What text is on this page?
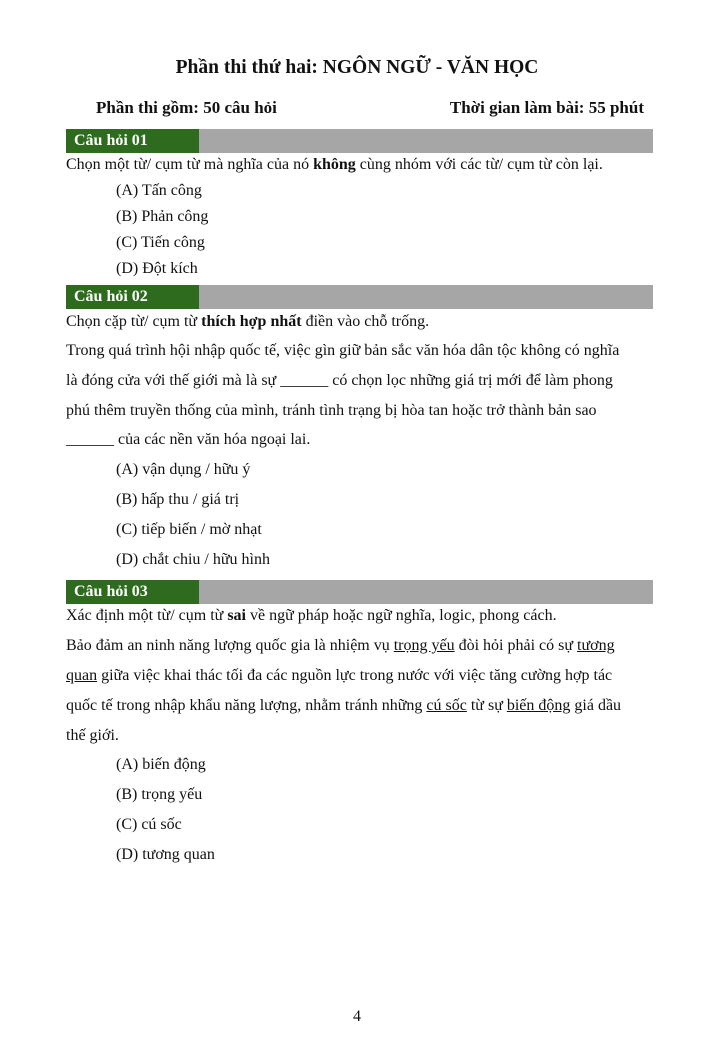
Phần thi thứ hai: NGÔN NGỮ - VĂN HỌC
Phần thi gồm: 50 câu hỏi	Thời gian làm bài: 55 phút
Câu hỏi 01
Chọn một từ/ cụm từ mà nghĩa của nó không cùng nhóm với các từ/ cụm từ còn lại.
(A) Tấn công
(B) Phản công
(C) Tiến công
(D) Đột kích
Câu hỏi 02
Chọn cặp từ/ cụm từ thích hợp nhất điền vào chỗ trống.
Trong quá trình hội nhập quốc tế, việc gìn giữ bản sắc văn hóa dân tộc không có nghĩa
là đóng cửa với thế giới mà là sự ______ có chọn lọc những giá trị mới để làm phong
phú thêm truyền thống của mình, tránh tình trạng bị hòa tan hoặc trở thành bản sao
______ của các nền văn hóa ngoại lai.
(A) vận dụng / hữu ý
(B) hấp thu / giá trị
(C) tiếp biến / mờ nhạt
(D) chắt chiu / hữu hình
Câu hỏi 03
Xác định một từ/ cụm từ sai về ngữ pháp hoặc ngữ nghĩa, logic, phong cách.
Bảo đảm an ninh năng lượng quốc gia là nhiệm vụ trọng yếu đòi hỏi phải có sự tương
quan giữa việc khai thác tối đa các nguồn lực trong nước với việc tăng cường hợp tác
quốc tế trong nhập khẩu năng lượng, nhằm tránh những cú sốc từ sự biến động giá dầu
thế giới.
(A) biến động
(B) trọng yếu
(C) cú sốc
(D) tương quan
4
